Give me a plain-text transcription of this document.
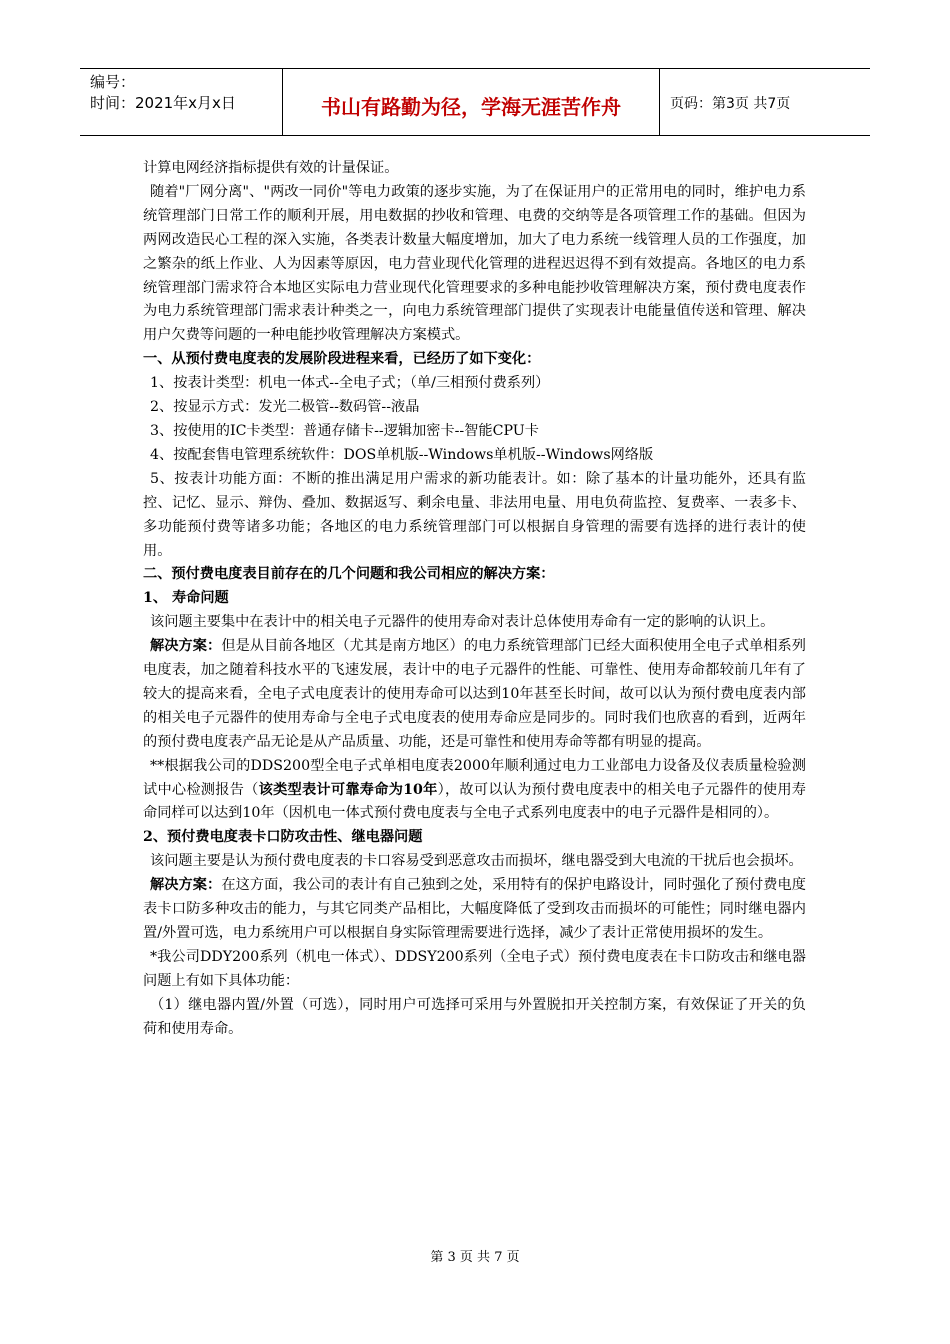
编号：
时间：2021年x月x日	书山有路勤为径，学海无涯苦作舟	页码：第3页 共7页

计算电网经济指标提供有效的计量保证。

随着"厂网分离"、"两改一同价"等电力政策的逐步实施，为了在保证用户的正常用电的同时，维护电力系统管理部门日常工作的顺利开展，用电数据的抄收和管理、电费的交纳等是各项管理工作的基础。但因为两网改造民心工程的深入实施，各类表计数量大幅度增加，加大了电力系统一线管理人员的工作强度，加之繁杂的纸上作业、人为因素等原因，电力营业现代化管理的进程迟迟得不到有效提高。各地区的电力系统管理部门需求符合本地区实际电力营业现代化管理要求的多种电能抄收管理解决方案，预付费电度表作为电力系统管理部门需求表计种类之一，向电力系统管理部门提供了实现表计电能量值传送和管理、解决用户欠费等问题的一种电能抄收管理解决方案模式。

一、从预付费电度表的发展阶段进程来看，已经历了如下变化：

1、按表计类型：机电一体式--全电子式；（单/三相预付费系列）

2、按显示方式：发光二极管--数码管--液晶

3、按使用的IC卡类型：普通存储卡--逻辑加密卡--智能CPU卡

4、按配套售电管理系统软件：DOS单机版--Windows单机版--Windows网络版

5、按表计功能方面：不断的推出满足用户需求的新功能表计。如：除了基本的计量功能外，还具有监控、记忆、显示、辩伪、叠加、数据返写、剩余电量、非法用电量、用电负荷监控、复费率、一表多卡、多功能预付费等诸多功能；各地区的电力系统管理部门可以根据自身管理的需要有选择的进行表计的使用。

二、预付费电度表目前存在的几个问题和我公司相应的解决方案：

1、 寿命问题

该问题主要集中在表计中的相关电子元器件的使用寿命对表计总体使用寿命有一定的影响的认识上。

解决方案：但是从目前各地区（尤其是南方地区）的电力系统管理部门已经大面积使用全电子式单相系列电度表，加之随着科技水平的飞速发展，表计中的电子元器件的性能、可靠性、使用寿命都较前几年有了较大的提高来看，全电子式电度表计的使用寿命可以达到10年甚至长时间，故可以认为预付费电度表内部的相关电子元器件的使用寿命与全电子式电度表的使用寿命应是同步的。同时我们也欣喜的看到，近两年的预付费电度表产品无论是从产品质量、功能，还是可靠性和使用寿命等都有明显的提高。

**根据我公司的DDS200型全电子式单相电度表2000年顺利通过电力工业部电力设备及仪表质量检验测试中心检测报告（该类型表计可靠寿命为10年），故可以认为预付费电度表中的相关电子元器件的使用寿命同样可以达到10年（因机电一体式预付费电度表与全电子式系列电度表中的电子元器件是相同的）。

2、预付费电度表卡口防攻击性、继电器问题

该问题主要是认为预付费电度表的卡口容易受到恶意攻击而损坏，继电器受到大电流的干扰后也会损坏。

解决方案：在这方面，我公司的表计有自己独到之处，采用特有的保护电路设计，同时强化了预付费电度表卡口防多种攻击的能力，与其它同类产品相比，大幅度降低了受到攻击而损坏的可能性；同时继电器内置/外置可选，电力系统用户可以根据自身实际管理需要进行选择，减少了表计正常使用损坏的发生。

*我公司DDY200系列（机电一体式）、DDSY200系列（全电子式）预付费电度表在卡口防攻击和继电器问题上有如下具体功能：

（1）继电器内置/外置（可选），同时用户可选择可采用与外置脱扣开关控制方案，有效保证了开关的负荷和使用寿命。

第 3 页 共 7 页
